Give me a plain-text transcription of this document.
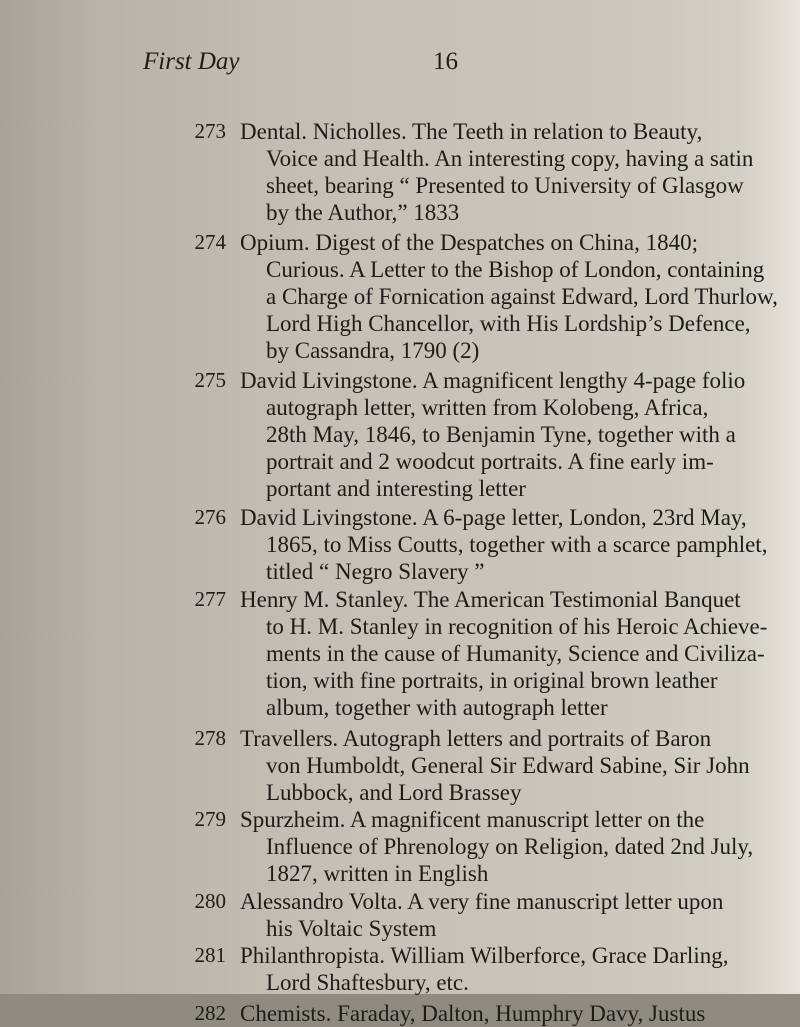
First Day	16
273 Dental. Nicholles. The Teeth in relation to Beauty,
Voice and Health. An interesting copy, having a satin
sheet, bearing “ Presented to University of Glasgow
by the Author,” 1833
274 Opium. Digest of the Despatches on China, 1840;
Curious. A Letter to the Bishop of London, containing
a Charge of Fornication against Edward, Lord Thurlow,
Lord High Chancellor, with His Lordship’s Defence,
by Cassandra, 1790 (2)
275 David Livingstone. A magnificent lengthy 4-page folio
autograph letter, written from Kolobeng, Africa,
28th May, 1846, to Benjamin Tyne, together with a
portrait and 2 woodcut portraits. A fine early im-
portant and interesting letter
276 David Livingstone. A 6-page letter, London, 23rd May,
1865, to Miss Coutts, together with a scarce pamphlet,
titled “ Negro Slavery ”
277 Henry M. Stanley. The American Testimonial Banquet
to H. M. Stanley in recognition of his Heroic Achieve-
ments in the cause of Humanity, Science and Civiliza-
tion, with fine portraits, in original brown leather
album, together with autograph letter
278 Travellers. Autograph letters and portraits of Baron
von Humboldt, General Sir Edward Sabine, Sir John
Lubbock, and Lord Brassey
279 Spurzheim. A magnificent manuscript letter on the
Influence of Phrenology on Religion, dated 2nd July,
1827, written in English
280 Alessandro Volta. A very fine manuscript letter upon
his Voltaic System
281 Philanthropista. William Wilberforce, Grace Darling,
Lord Shaftesbury, etc.
282 Chemists. Faraday, Dalton, Humphry Davy, Justus
